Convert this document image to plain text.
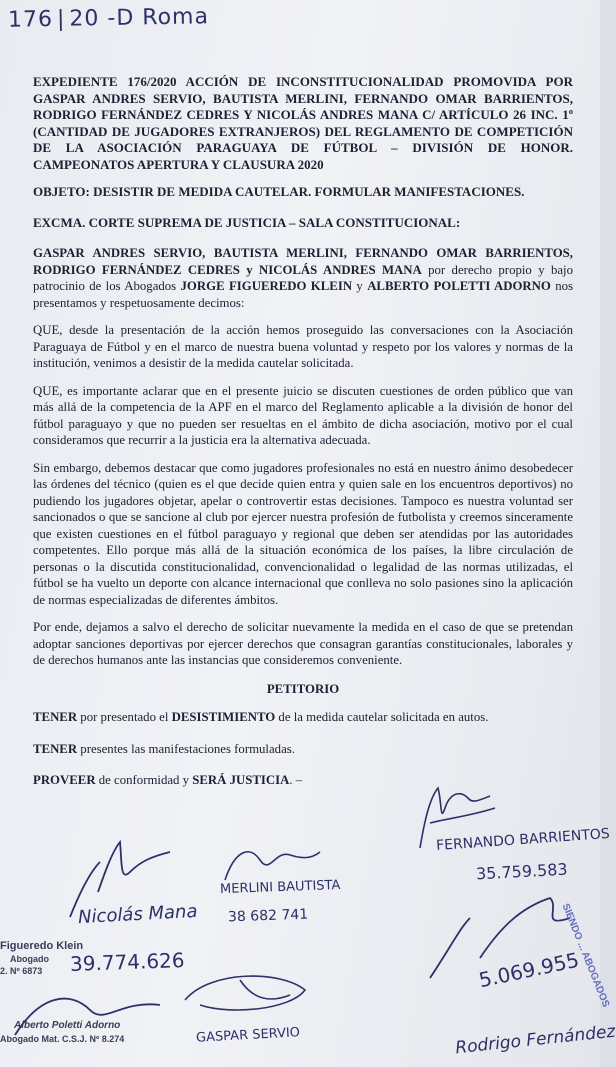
176 | 20 -D Roma

EXPEDIENTE 176/2020 ACCIÓN DE INCONSTITUCIONALIDAD PROMOVIDA POR GASPAR ANDRES SERVIO, BAUTISTA MERLINI, FERNANDO OMAR BARRIENTOS, RODRIGO FERNÁNDEZ CEDRES Y NICOLÁS ANDRES MANA C/ ARTÍCULO 26 INC. 1º (CANTIDAD DE JUGADORES EXTRANJEROS) DEL REGLAMENTO DE COMPETICIÓN DE LA ASOCIACIÓN PARAGUAYA DE FÚTBOL – DIVISIÓN DE HONOR. CAMPEONATOS APERTURA Y CLAUSURA 2020

OBJETO: DESISTIR DE MEDIDA CAUTELAR. FORMULAR MANIFESTACIONES.

EXCMA. CORTE SUPREMA DE JUSTICIA – SALA CONSTITUCIONAL:

GASPAR ANDRES SERVIO, BAUTISTA MERLINI, FERNANDO OMAR BARRIENTOS, RODRIGO FERNÁNDEZ CEDRES y NICOLÁS ANDRES MANA por derecho propio y bajo patrocinio de los Abogados JORGE FIGUEREDO KLEIN y ALBERTO POLETTI ADORNO nos presentamos y respetuosamente decimos:

QUE, desde la presentación de la acción hemos proseguido las conversaciones con la Asociación Paraguaya de Fútbol y en el marco de nuestra buena voluntad y respeto por los valores y normas de la institución, venimos a desistir de la medida cautelar solicitada.

QUE, es importante aclarar que en el presente juicio se discuten cuestiones de orden público que van más allá de la competencia de la APF en el marco del Reglamento aplicable a la división de honor del fútbol paraguayo y que no pueden ser resueltas en el ámbito de dicha asociación, motivo por el cual consideramos que recurrir a la justicia era la alternativa adecuada.

Sin embargo, debemos destacar que como jugadores profesionales no está en nuestro ánimo desobedecer las órdenes del técnico (quien es el que decide quien entra y quien sale en los encuentros deportivos) no pudiendo los jugadores objetar, apelar o controvertir estas decisiones. Tampoco es nuestra voluntad ser sancionados o que se sancione al club por ejercer nuestra profesión de futbolista y creemos sinceramente que existen cuestiones en el fútbol paraguayo y regional que deben ser atendidas por las autoridades competentes. Ello porque más allá de la situación económica de los países, la libre circulación de personas o la discutida constitucionalidad, convencionalidad o legalidad de las normas utilizadas, el fútbol se ha vuelto un deporte con alcance internacional que conlleva no solo pasiones sino la aplicación de normas especializadas de diferentes ámbitos.

Por ende, dejamos a salvo el derecho de solicitar nuevamente la medida en el caso de que se pretendan adoptar sanciones deportivas por ejercer derechos que consagran garantías constitucionales, laborales y de derechos humanos ante las instancias que consideremos conveniente.

PETITORIO

TENER por presentado el DESISTIMIENTO de la medida cautelar solicitada en autos.

TENER presentes las manifestaciones formuladas.

PROVEER de conformidad y SERÁ JUSTICIA. –

FERNANDO BARRIENTOS
35.759.583
MERLINI BAUTISTA
38 682 741
Nicolás Mana
Figueredo Klein
Abogado
2. Nº 6873 39.774.626	5.069.955
SIENDO ... ABOGADOS
Alberto Poletti Adorno
Abogado Mat. C.S.J. Nº 8.274	GASPAR SERVIO	Rodrigo Fernández
